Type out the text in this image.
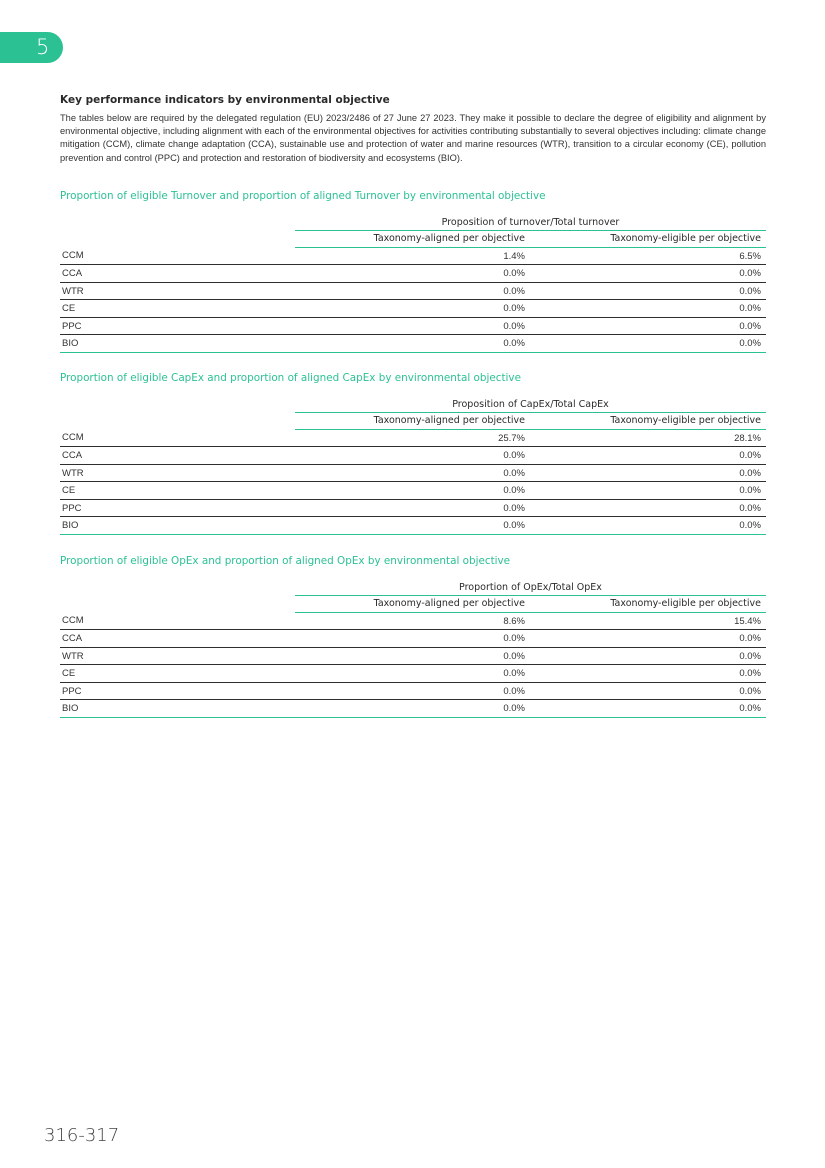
5

Key performance indicators by environmental objective

The tables below are required by the delegated regulation (EU) 2023/2486 of 27 June 27 2023. They make it possible to declare the degree of eligibility and alignment by environmental objective, including alignment with each of the environmental objectives for activities contributing substantially to several objectives including: climate change mitigation (CCM), climate change adaptation (CCA), sustainable use and protection of water and marine resources (WTR), transition to a circular economy (CE), pollution prevention and control (PPC) and protection and restoration of biodiversity and ecosystems (BIO).

Proportion of eligible Turnover and proportion of aligned Turnover by environmental objective
	Proposition of turnover/Total turnover	
	Taxonomy-aligned per objective	Taxonomy-eligible per objective
CCM	1.4%	6.5%
CCA	0.0%	0.0%
WTR	0.0%	0.0%
CE	0.0%	0.0%
PPC	0.0%	0.0%
BIO	0.0%	0.0%
Proportion of eligible CapEx and proportion of aligned CapEx by environmental objective
	Proposition of CapEx/Total CapEx	
	Taxonomy-aligned per objective	Taxonomy-eligible per objective
CCM	25.7%	28.1%
CCA	0.0%	0.0%
WTR	0.0%	0.0%
CE	0.0%	0.0%
PPC	0.0%	0.0%
BIO	0.0%	0.0%
Proportion of eligible OpEx and proportion of aligned OpEx by environmental objective
	Proportion of OpEx/Total OpEx	
	Taxonomy-aligned per objective	Taxonomy-eligible per objective
CCM	8.6%	15.4%
CCA	0.0%	0.0%
WTR	0.0%	0.0%
CE	0.0%	0.0%
PPC	0.0%	0.0%
BIO	0.0%	0.0%
316-317
